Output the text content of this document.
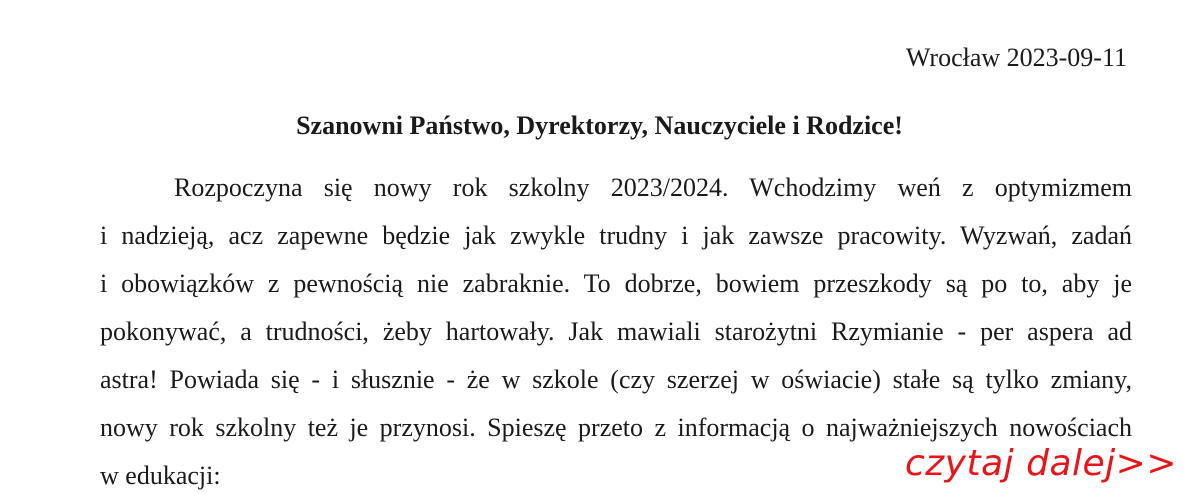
Wrocław 2023-09-11
Szanowni Państwo, Dyrektorzy, Nauczyciele i Rodzice!
Rozpoczyna się nowy rok szkolny 2023/2024. Wchodzimy weń z optymizmem
i nadzieją, acz zapewne będzie jak zwykle trudny i jak zawsze pracowity. Wyzwań, zadań
i obowiązków z pewnością nie zabraknie. To dobrze, bowiem przeszkody są po to, aby je
pokonywać, a trudności, żeby hartowały. Jak mawiali starożytni Rzymianie - per aspera ad
astra! Powiada się - i słusznie - że w szkole (czy szerzej w oświacie) stałe są tylko zmiany,
nowy rok szkolny też je przynosi. Spieszę przeto z informacją o najważniejszych nowościach
w edukacji:	czytaj dalej>>
